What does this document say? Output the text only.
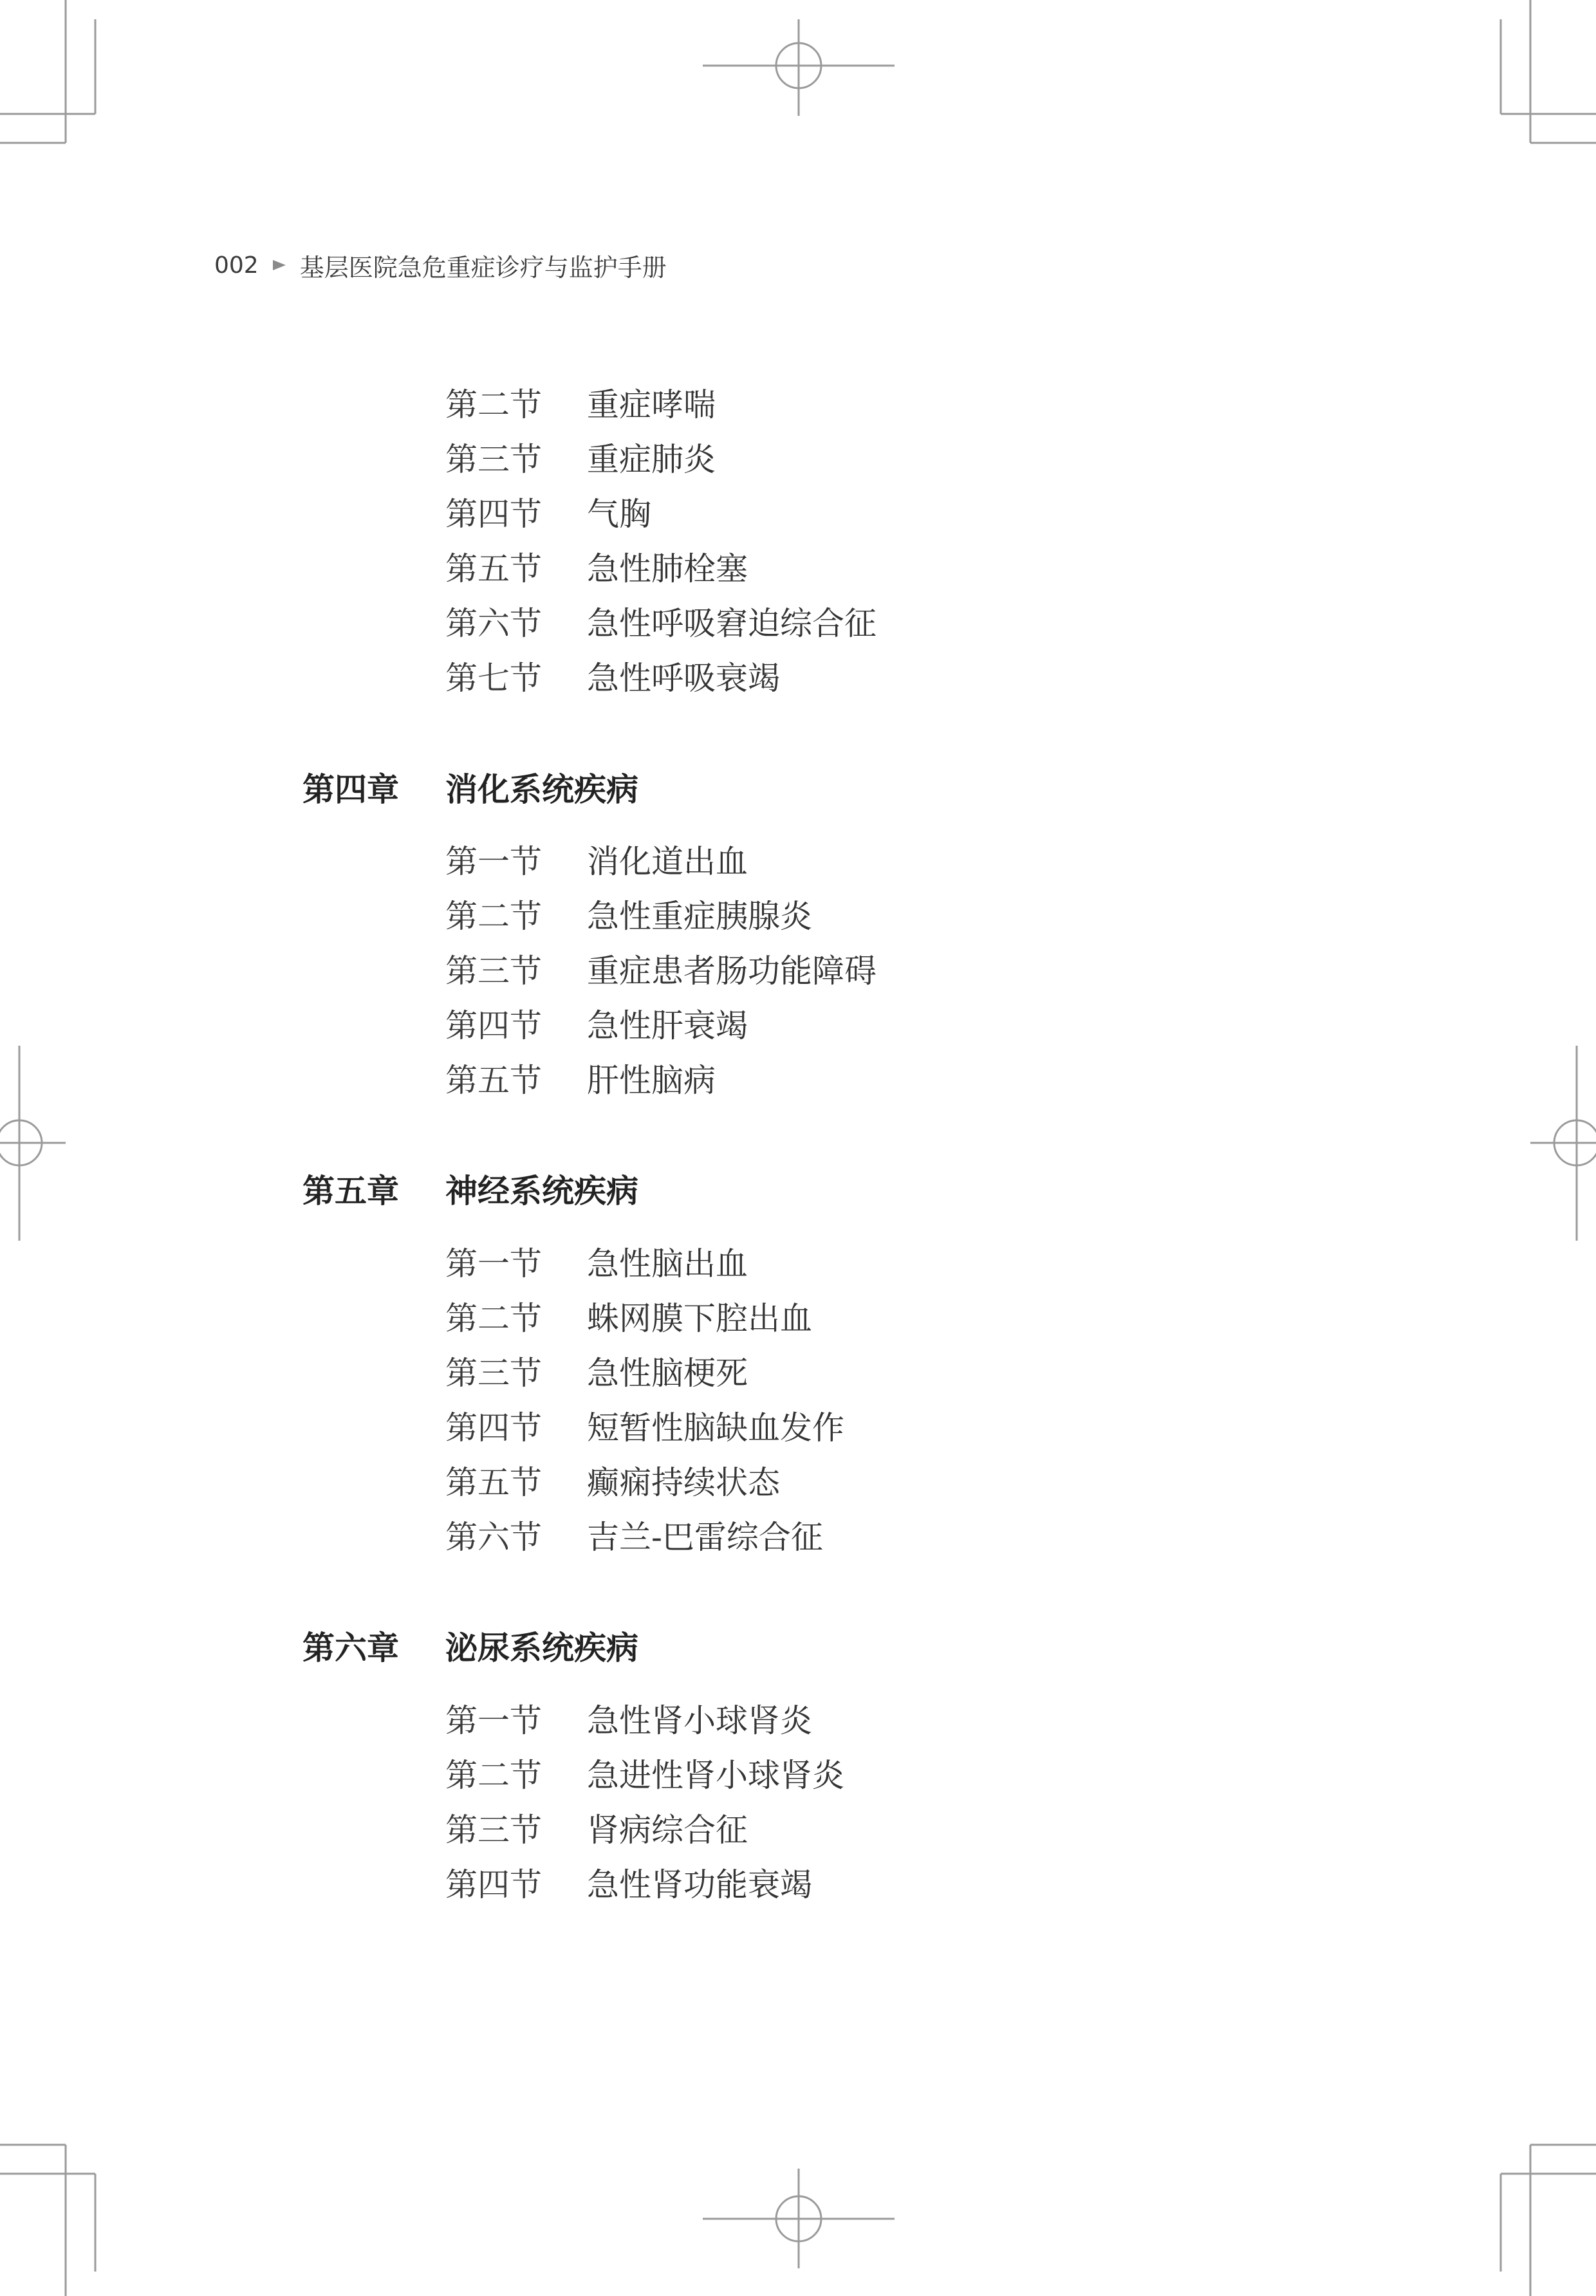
002 基层医院急危重症诊疗与监护手册
第二节 重症哮喘
第三节 重症肺炎
第四节 气胸
第五节 急性肺栓塞
第六节 急性呼吸窘迫综合征
第七节 急性呼吸衰竭
第四章 消化系统疾病
第一节 消化道出血
第二节 急性重症胰腺炎
第三节 重症患者肠功能障碍
第四节 急性肝衰竭
第五节 肝性脑病
第五章 神经系统疾病
第一节 急性脑出血
第二节 蛛网膜下腔出血
第三节 急性脑梗死
第四节 短暂性脑缺血发作
第五节 癫痫持续状态
第六节 吉兰-巴雷综合征
第六章 泌尿系统疾病
第一节 急性肾小球肾炎
第二节 急进性肾小球肾炎
第三节 肾病综合征
第四节 急性肾功能衰竭
